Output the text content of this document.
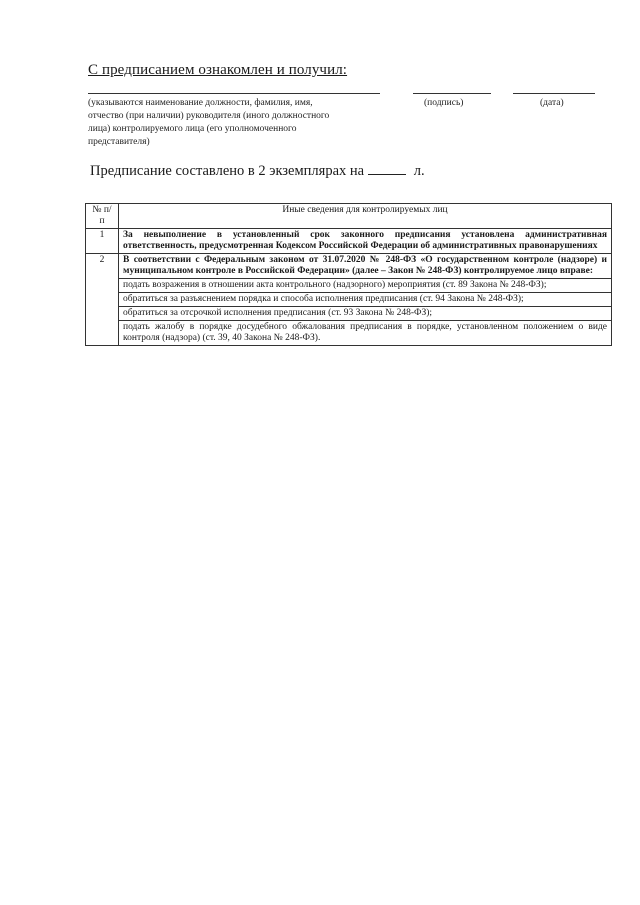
С предписанием ознакомлен и получил:
(указываются наименование должности, фамилия, имя, отчество (при наличии) руководителя (иного должностного лица) контролируемого лица (его уполномоченного представителя)
(подпись)	(дата)
Предписание составлено в 2 экземплярах на	л.
№ п/п	Иные сведения для контролируемых лиц
1	За невыполнение в установленный срок законного предписания установлена административная ответственность, предусмотренная Кодексом Российской Федерации об административных правонарушениях
2	В соответствии с Федеральным законом от 31.07.2020 № 248-ФЗ «О государственном контроле (надзоре) и муниципальном контроле в Российской Федерации» (далее – Закон № 248-ФЗ) контролируемое лицо вправе:
	подать возражения в отношении акта контрольного (надзорного) мероприятия (ст. 89 Закона № 248-ФЗ);
	обратиться за разъяснением порядка и способа исполнения предписания (ст. 94 Закона № 248-ФЗ);
	обратиться за отсрочкой исполнения предписания (ст. 93 Закона № 248-ФЗ);
	подать жалобу в порядке досудебного обжалования предписания в порядке, установленном положением о виде контроля (надзора) (ст. 39, 40 Закона № 248-ФЗ).
